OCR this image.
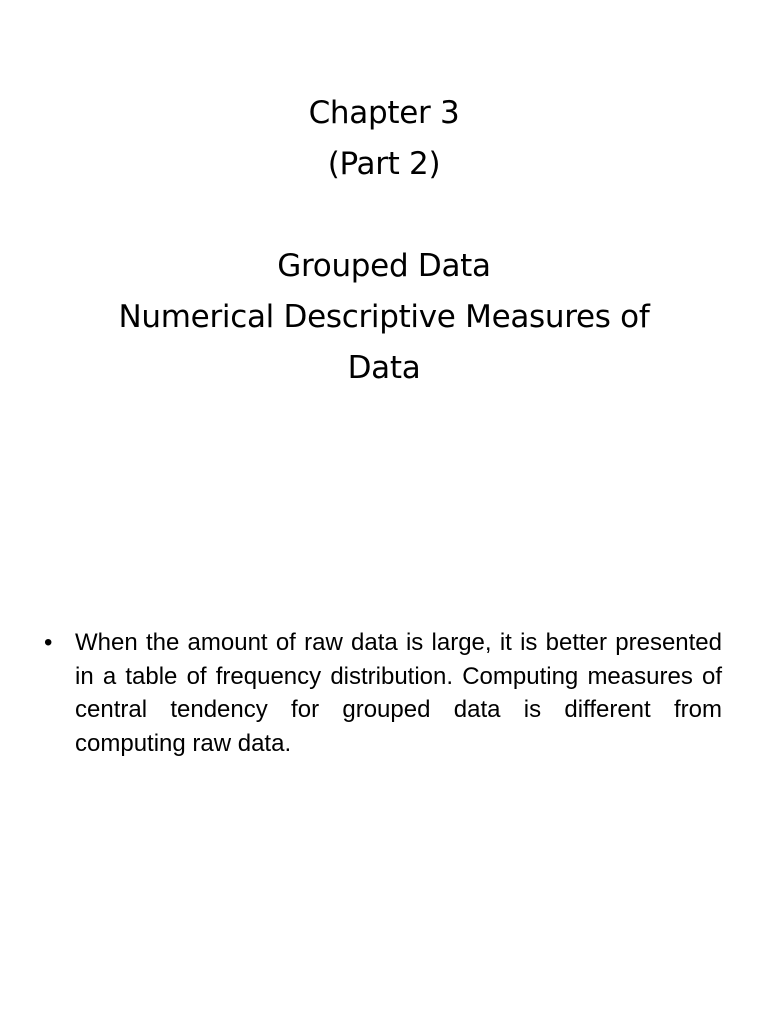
Chapter 3
(Part 2)
Grouped Data
Numerical Descriptive Measures of
Data
• When the amount of raw data is large, it is better presented in a table of frequency distribution. Computing measures of central tendency for grouped data is different from computing raw data.
